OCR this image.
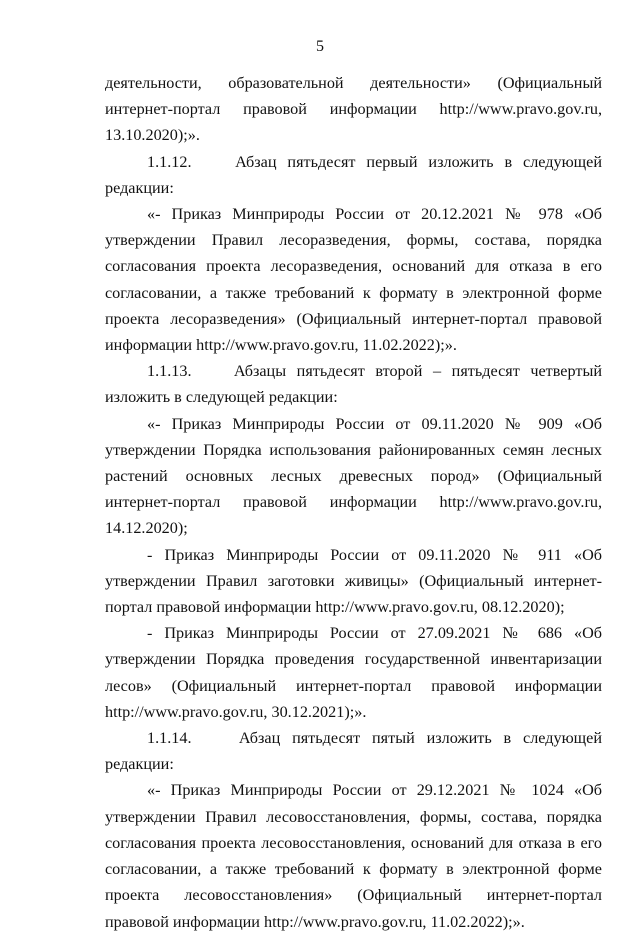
5

деятельности, образовательной деятельности» (Официальный интернет-портал правовой информации http://www.pravo.gov.ru, 13.10.2020);».

1.1.12.    Абзац пятьдесят первый изложить в следующей редакции:

«- Приказ Минприроды России от 20.12.2021 № 978 «Об утверждении Правил лесоразведения, формы, состава, порядка согласования проекта лесоразведения, оснований для отказа в его согласовании, а также требований к формату в электронной форме проекта лесоразведения» (Официальный интернет-портал правовой информации http://www.pravo.gov.ru, 11.02.2022);».

1.1.13.    Абзацы пятьдесят второй – пятьдесят четвертый изложить в следующей редакции:

«- Приказ Минприроды России от 09.11.2020 № 909 «Об утверждении Порядка использования районированных семян лесных растений основных лесных древесных пород» (Официальный интернет-портал правовой информации http://www.pravo.gov.ru, 14.12.2020);

- Приказ Минприроды России от 09.11.2020 № 911 «Об утверждении Правил заготовки живицы» (Официальный интернет-портал правовой информации http://www.pravo.gov.ru, 08.12.2020);

- Приказ Минприроды России от 27.09.2021 № 686 «Об утверждении Порядка проведения государственной инвентаризации лесов» (Официальный интернет-портал правовой информации http://www.pravo.gov.ru, 30.12.2021);».

1.1.14.    Абзац пятьдесят пятый изложить в следующей редакции:

«- Приказ Минприроды России от 29.12.2021 № 1024 «Об утверждении Правил лесовосстановления, формы, состава, порядка согласования проекта лесовосстановления, оснований для отказа в его согласовании, а также требований к формату в электронной форме проекта лесовосстановления» (Официальный интернет-портал правовой информации http://www.pravo.gov.ru, 11.02.2022);».
